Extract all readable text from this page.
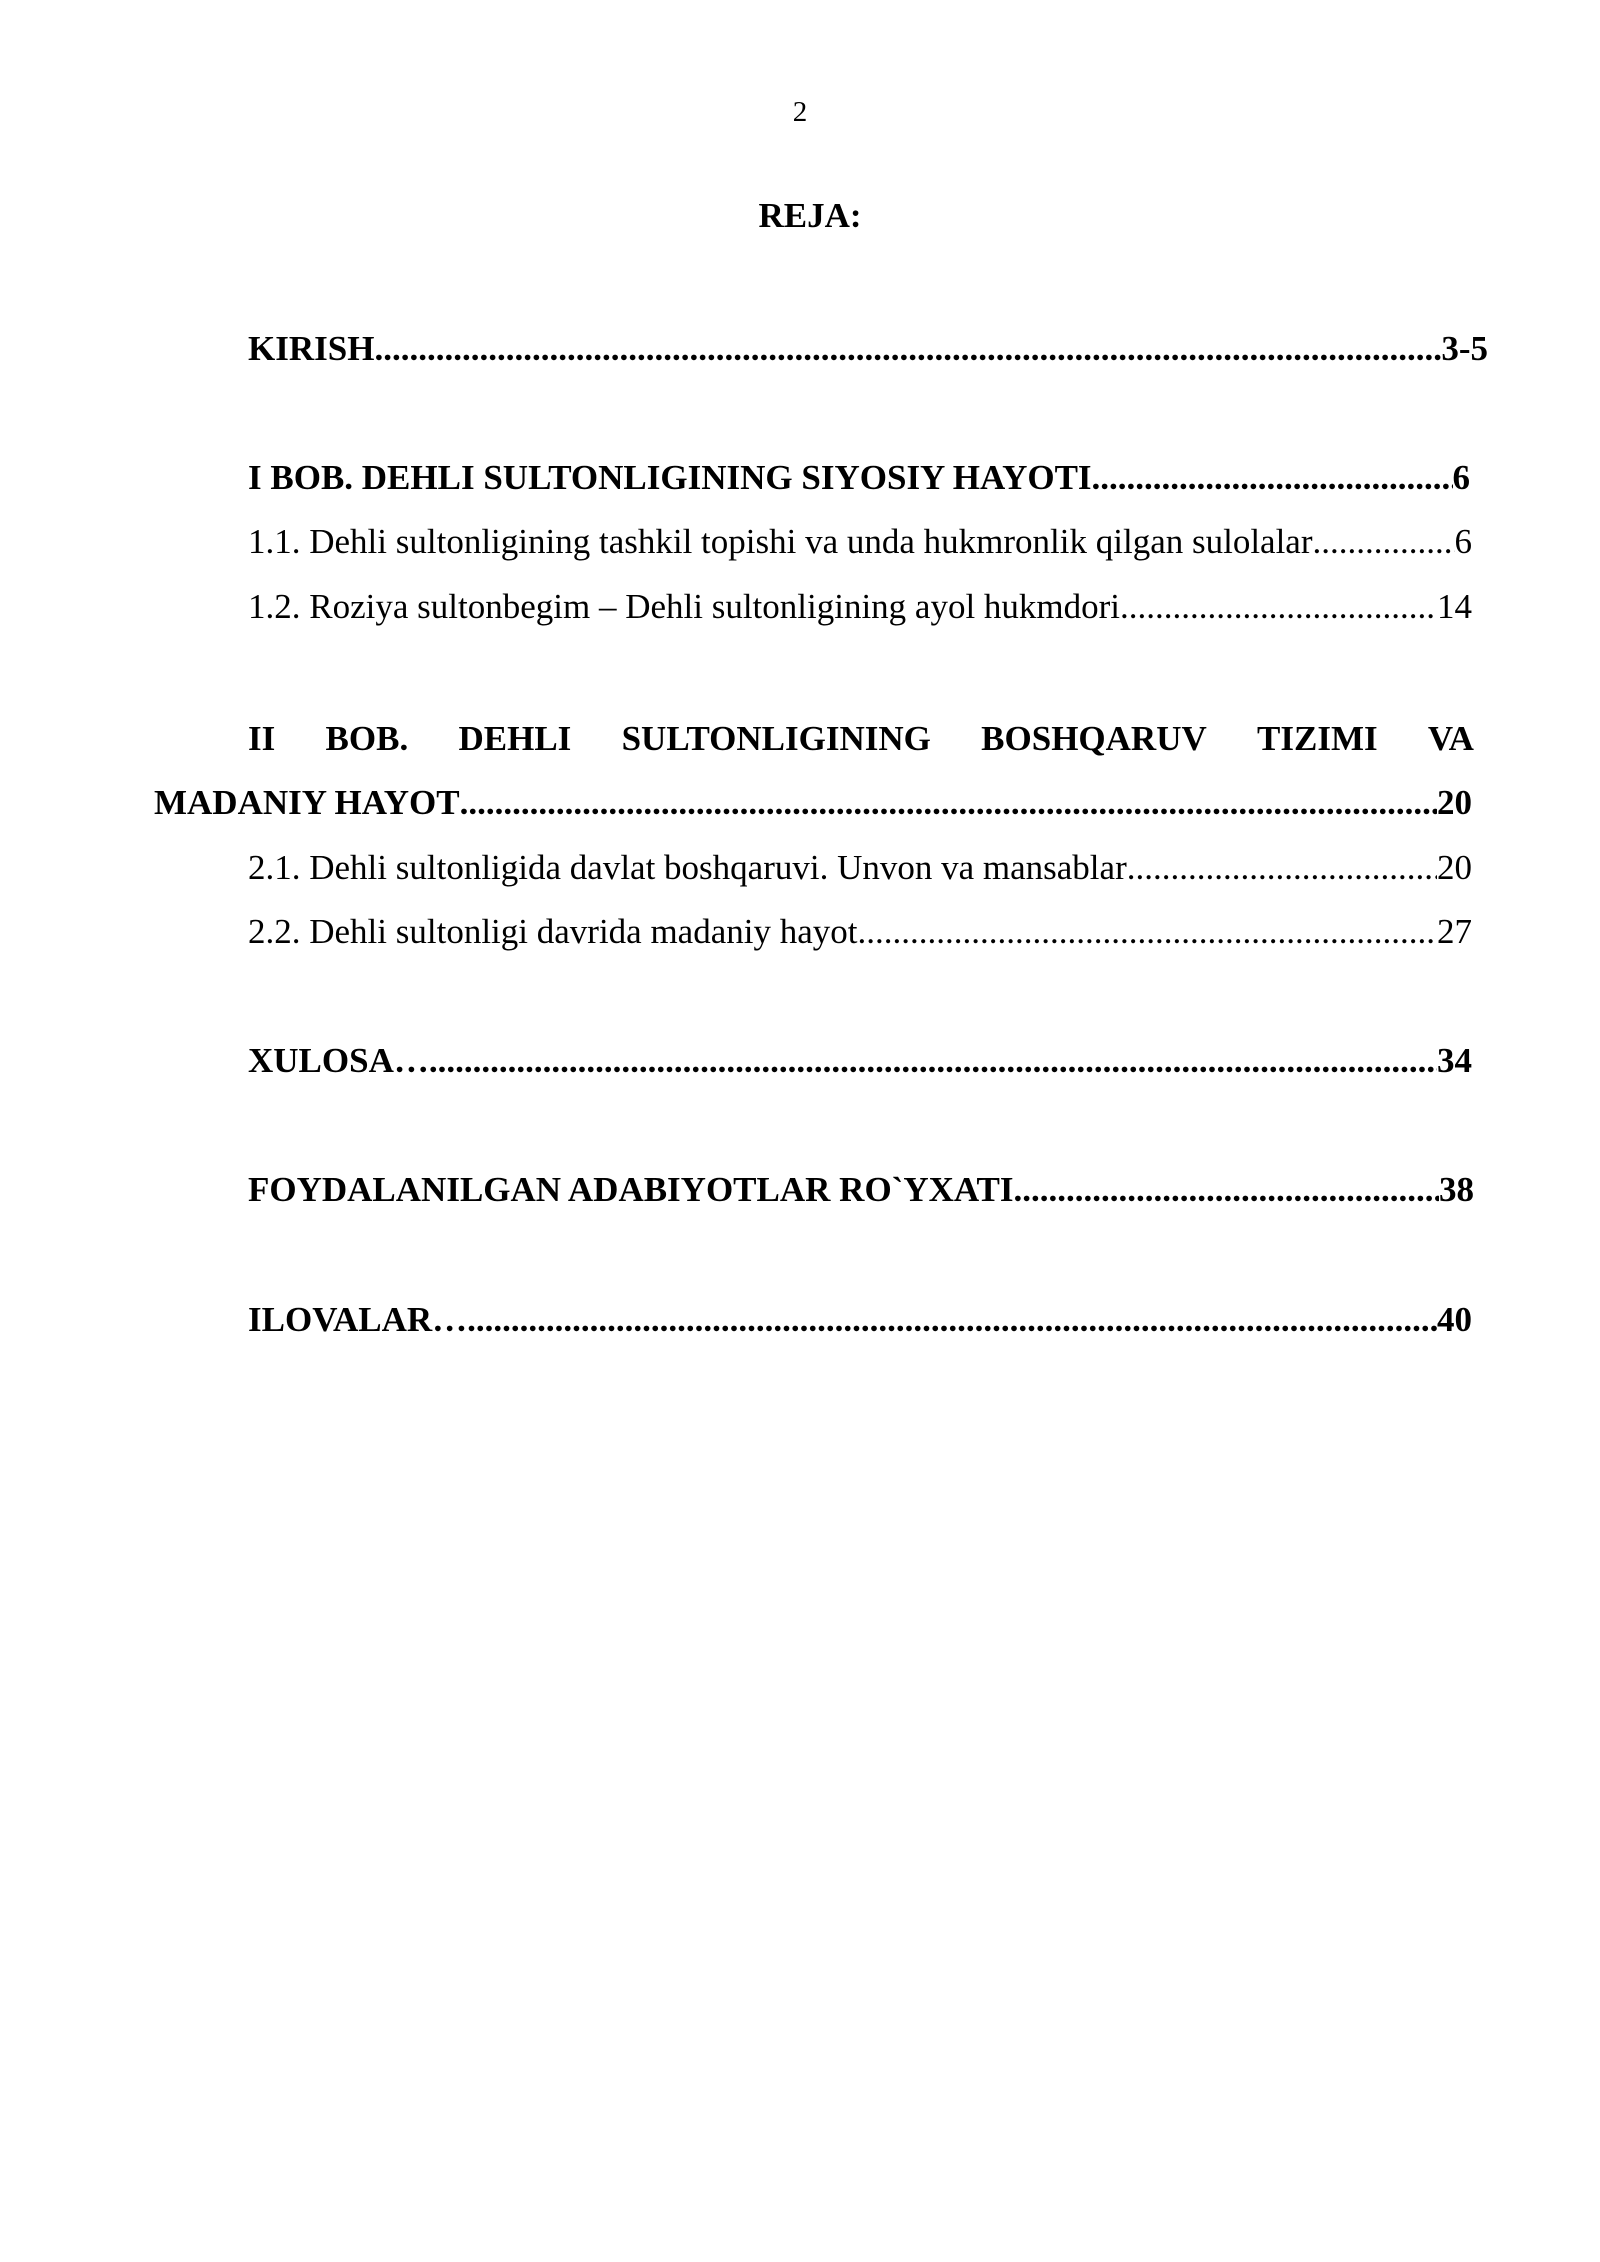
2
REJA:
KIRISH .....	3-5
I BOB. DEHLI SULTONLIGINING SIYOSIY HAYOTI .....	6
1.1. Dehli sultonligining tashkil topishi va unda hukmronlik qilgan sulolalar .....	6
1.2. Roziya sultonbegim – Dehli sultonligining ayol hukmdori .....	14
II BOB. DEHLI SULTONLIGINING BOSHQARUV TIZIMI VA
MADANIY HAYOT .....	20
2.1. Dehli sultonligida davlat boshqaruvi. Unvon va mansablar .....	20
2.2. Dehli sultonligi davrida madaniy hayot .....	27
XULOSA… .....	34
FOYDALANILGAN ADABIYOTLAR RO`YXATI .....	38
ILOVALAR… .....	40
